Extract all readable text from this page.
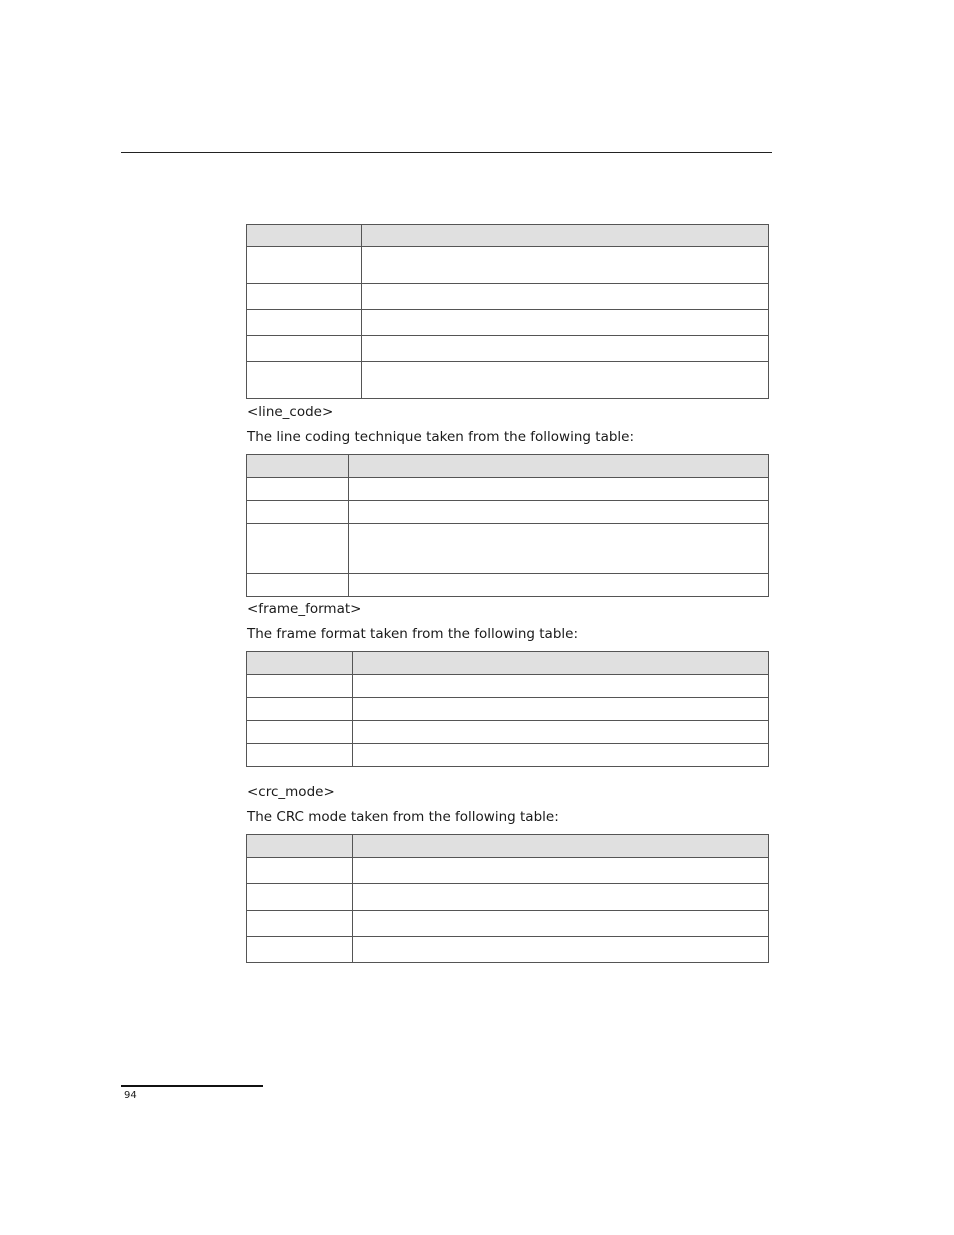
<line_code>
The line coding technique taken from the following table:

<frame_format>
The frame format taken from the following table:

<crc_mode>
The CRC mode taken from the following table:

94
